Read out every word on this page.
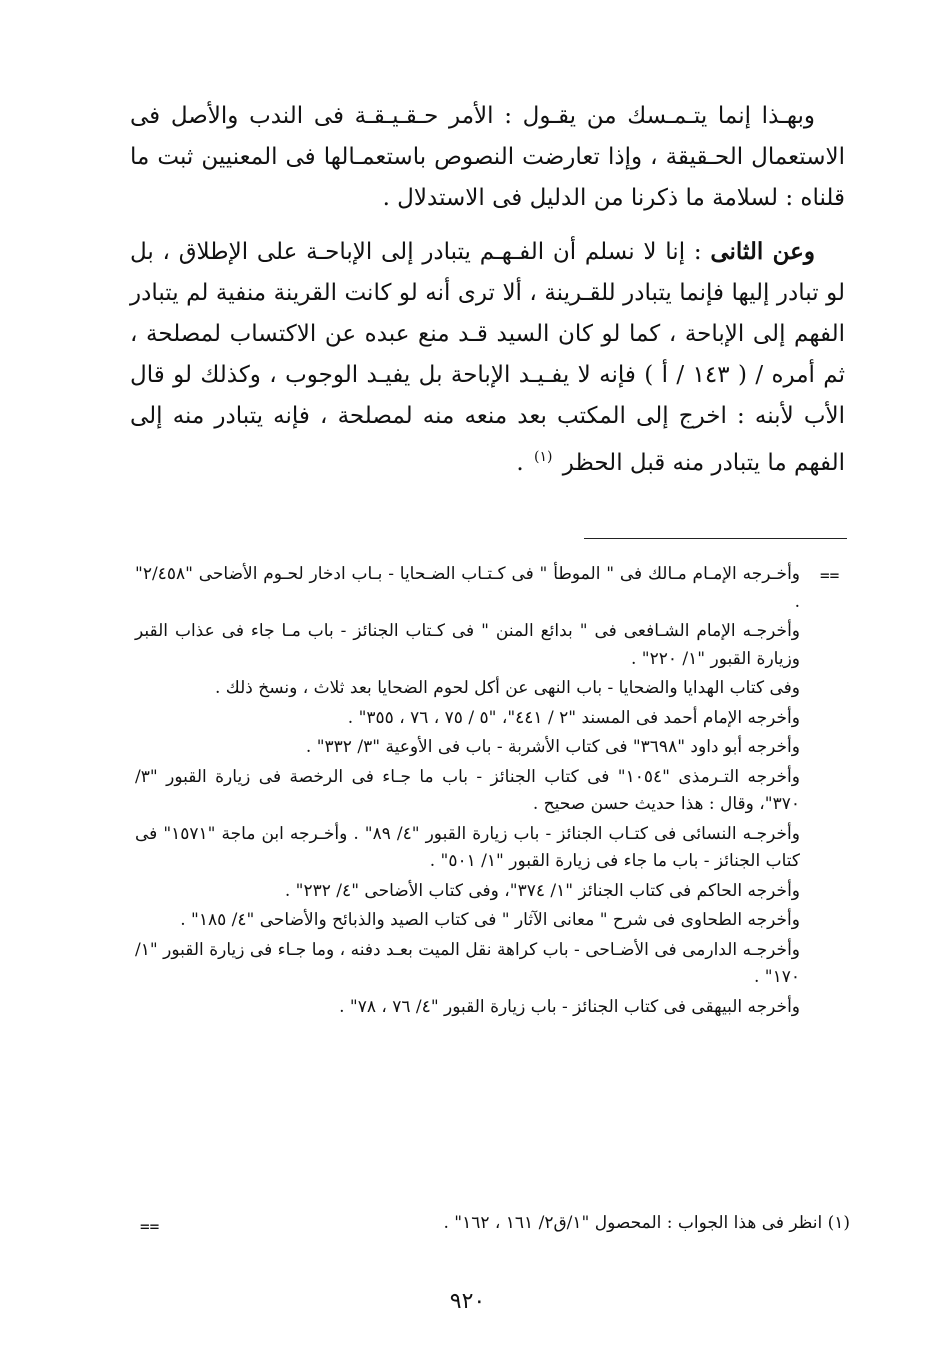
وبهـذا إنما يتـمـسك من يقـول : الأمر حـقـيـقـة فى الندب والأصل فى الاستعمال الحـقيقة ، وإذا تعارضت النصوص باستعمـالها فى المعنيين ثبت ما قلناه : لسلامة ما ذكرنا من الدليل فى الاستدلال .

وعن الثانى : إنا لا نسلم أن الفـهـم يتبادر إلى الإباحـة على الإطلاق ، بل لو تبادر إليها فإنما يتبادر للقـرينة ، ألا ترى أنه لو كانت القرينة منفية لم يتبادر الفهم إلى الإباحة ، كما لو كان السيد قـد منع عبده عن الاكتساب لمصلحة ، ثم أمره / ( ١٤٣ / أ ) فإنه لا يفـيـد الإباحة بل يفيـد الوجوب ، وكذلك لو قال الأب لأبنه : اخرج إلى المكتب بعد منعه منه لمصلحة ، فإنه يتبادر منه إلى الفهم ما يتبادر منه قبل الحظر $^{(١)}$ .

==

وأخـرجه الإمـام مـالك فى " الموطأ " فى كـتـاب الضـحايا - بـاب ادخار لحـوم الأضاحى "٢/٤٥٨" .

وأخرجـه الإمام الشـافعى فى " بدائع المنن " فى كـتاب الجنائز - باب مـا جاء فى عذاب القبر وزيارة القبور "١/ ٢٢٠" .

وفى كتاب الهدايا والضحايا - باب النهى عن أكل لحوم الضحايا بعد ثلاث ، ونسخ ذلك .

وأخرجه الإمام أحمد فى المسند "٢ / ٤٤١"، "٥ / ٧٥ ، ٧٦ ، ٣٥٥" .

وأخرجه أبو داود "٣٦٩٨" فى كتاب الأشربة - باب فى الأوعية "٣/ ٣٣٢" .

وأخرجه التـرمذى "١٠٥٤" فى كتاب الجنائز - باب ما جـاء فى الرخصة فى زيارة القبور "٣/ ٣٧٠"، وقال : هذا حديث حسن صحيح .

وأخرجـه النسائى فى كتـاب الجنائز - باب زيارة القبور "٤/ ٨٩" . وأخـرجه ابن ماجة "١٥٧١" فى كتاب الجنائز - باب ما جاء فى زيارة القبور "١/ ٥٠١" .

وأخرجه الحاكم فى كتاب الجنائز "١/ ٣٧٤"، وفى كتاب الأضاحى "٤/ ٢٣٢" .

وأخرجه الطحاوى فى شرح " معانى الآثار " فى كتاب الصيد والذبائح والأضاحى "٤/ ١٨٥" .

وأخرجـه الدارمى فى الأضـاحى - باب كراهة نقل الميت بعـد دفنه ، وما جـاء فى زيارة القبور "١/ ١٧٠" .

وأخرجه البيهقى فى كتاب الجنائز - باب زيارة القبور "٤/ ٧٦ ، ٧٨" .

(١) انظر فى هذا الجواب : المحصول "١/ق٢/ ١٦١ ، ١٦٢" .
==
٩٢٠
